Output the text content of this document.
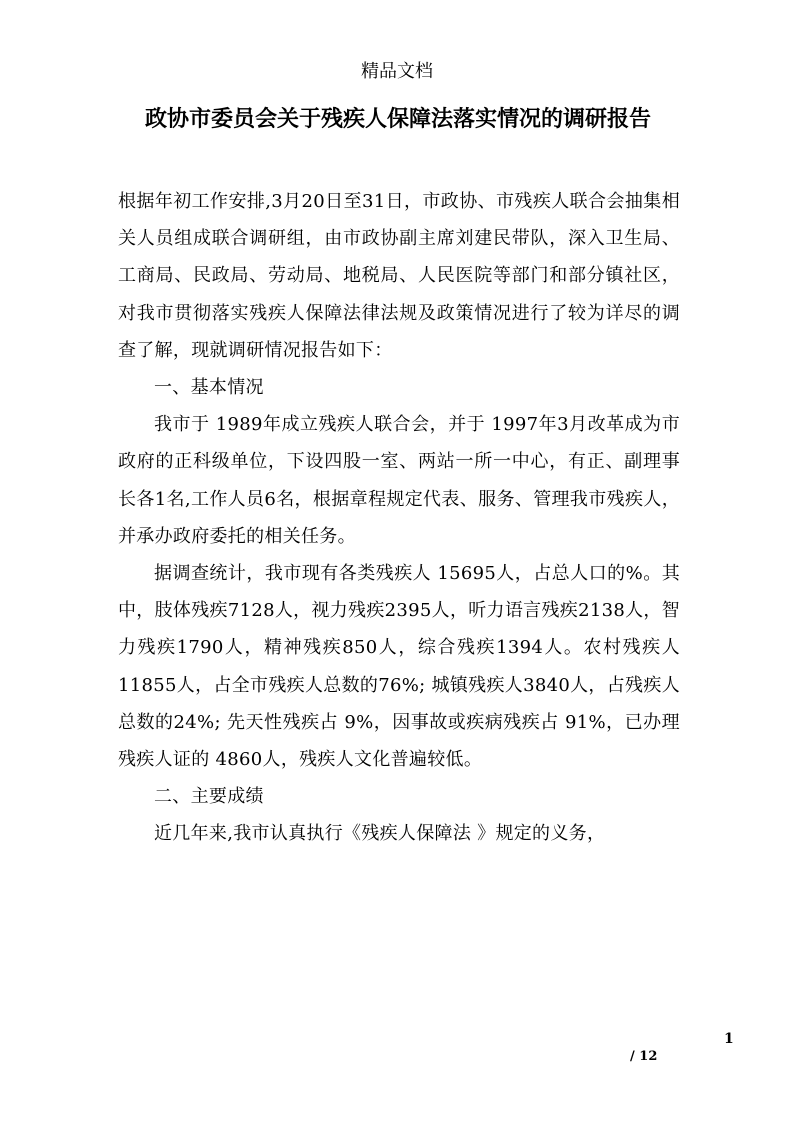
精品文档
政协市委员会关于残疾人保障法落实情况的调研报告

根据年初工作安排,3月20日至31日，市政协、市残疾人联合会抽集相关人员组成联合调研组，由市政协副主席刘建民带队，深入卫生局、工商局、民政局、劳动局、地税局、人民医院等部门和部分镇社区，对我市贯彻落实残疾人保障法律法规及政策情况进行了较为详尽的调查了解，现就调研情况报告如下：

一、基本情况

我市于 1989年成立残疾人联合会，并于 1997年3月改革成为市政府的正科级单位，下设四股一室、两站一所一中心，有正、副理事长各1名,工作人员6名，根据章程规定代表、服务、管理我市残疾人，并承办政府委托的相关任务。

据调查统计，我市现有各类残疾人 15695人，占总人口的%。其中，肢体残疾7128人，视力残疾2395人，听力语言残疾2138人，智力残疾1790人，精神残疾850人，综合残疾1394人。农村残疾人 11855人，占全市残疾人总数的76%; 城镇残疾人3840人，占残疾人总数的24%; 先天性残疾占 9%，因事故或疾病残疾占 91%，已办理残疾人证的 4860人，残疾人文化普遍较低。

二、主要成绩

近几年来,我市认真执行《残疾人保障法 》规定的义务，

1
/ 12
